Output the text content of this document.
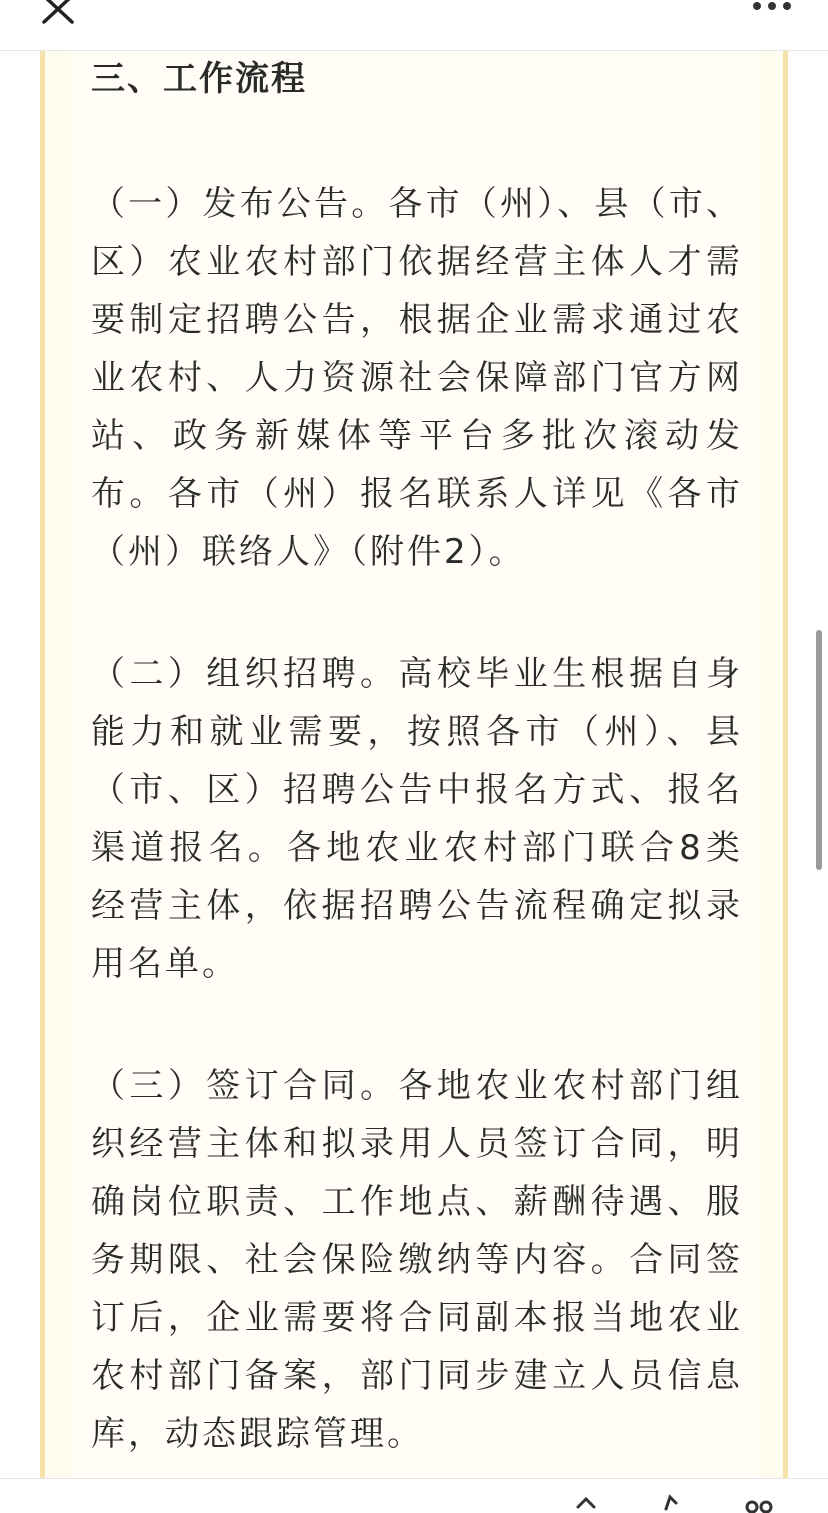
三、工作流程

（一）发布公告。各市（州）、县（市、区）农业农村部门依据经营主体人才需要制定招聘公告，根据企业需求通过农业农村、人力资源社会保障部门官方网站、政务新媒体等平台多批次滚动发布。各市（州）报名联系人详见《各市（州）联络人》（附件2）。

（二）组织招聘。高校毕业生根据自身能力和就业需要，按照各市（州）、县（市、区）招聘公告中报名方式、报名渠道报名。各地农业农村部门联合8类经营主体，依据招聘公告流程确定拟录用名单。

（三）签订合同。各地农业农村部门组织经营主体和拟录用人员签订合同，明确岗位职责、工作地点、薪酬待遇、服务期限、社会保险缴纳等内容。合同签订后，企业需要将合同副本报当地农业农村部门备案，部门同步建立人员信息库，动态跟踪管理。
